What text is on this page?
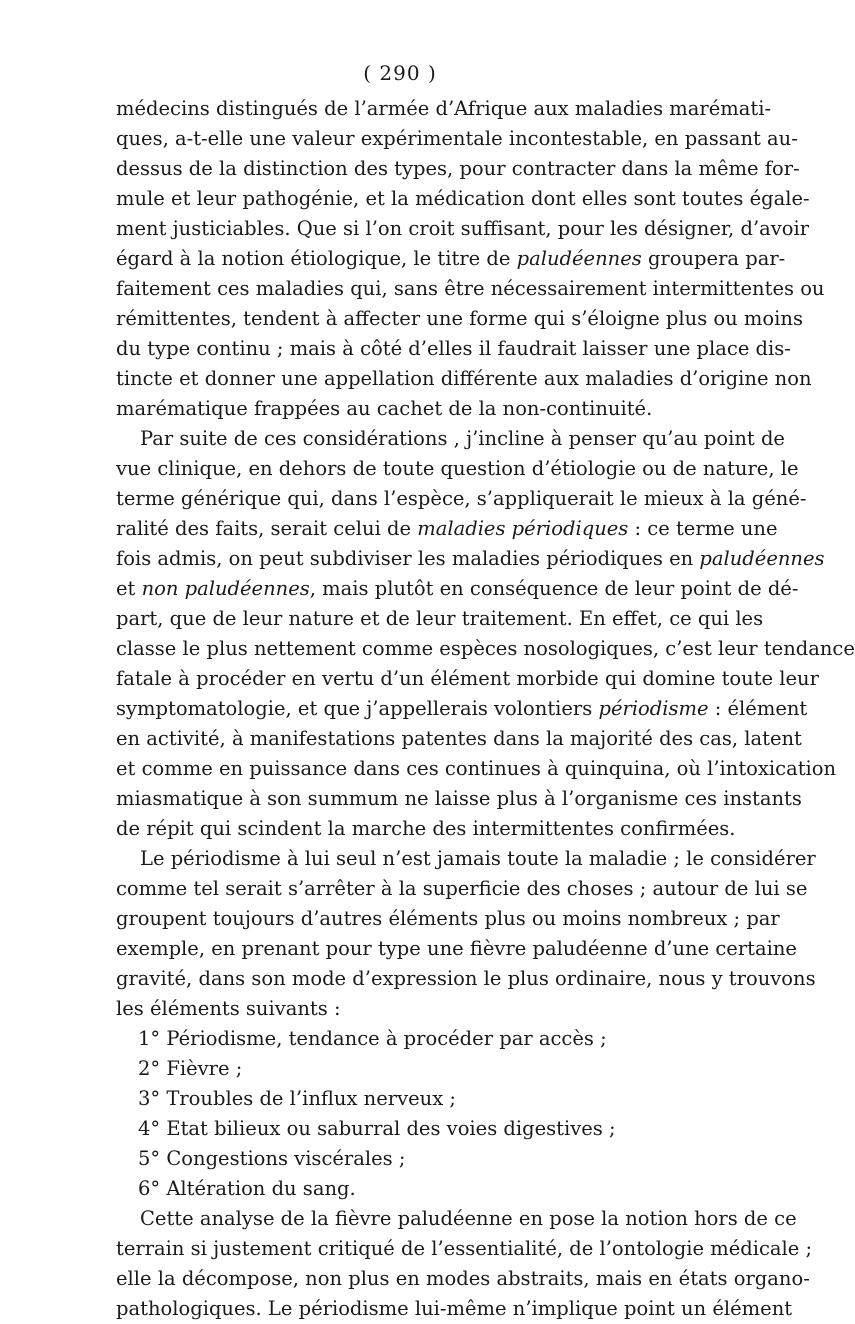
( 290 )
médecins distingués de l’armée d’Afrique aux maladies marémati-
ques, a-t-elle une valeur expérimentale incontestable, en passant au-
dessus de la distinction des types, pour contracter dans la même for-
mule et leur pathogénie, et la médication dont elles sont toutes égale-
ment justiciables. Que si l’on croit suffisant, pour les désigner, d’avoir
égard à la notion étiologique, le titre de paludéennes groupera par-
faitement ces maladies qui, sans être nécessairement intermittentes ou
rémittentes, tendent à affecter une forme qui s’éloigne plus ou moins
du type continu ; mais à côté d’elles il faudrait laisser une place dis-
tincte et donner une appellation différente aux maladies d’origine non
marématique frappées au cachet de la non-continuité.
Par suite de ces considérations , j’incline à penser qu’au point de
vue clinique, en dehors de toute question d’étiologie ou de nature, le
terme générique qui, dans l’espèce, s’appliquerait le mieux à la géné-
ralité des faits, serait celui de maladies périodiques : ce terme une
fois admis, on peut subdiviser les maladies périodiques en paludéennes
et non paludéennes, mais plutôt en conséquence de leur point de dé-
part, que de leur nature et de leur traitement. En effet, ce qui les
classe le plus nettement comme espèces nosologiques, c’est leur tendance
fatale à procéder en vertu d’un élément morbide qui domine toute leur
symptomatologie, et que j’appellerais volontiers périodisme : élément
en activité, à manifestations patentes dans la majorité des cas, latent
et comme en puissance dans ces continues à quinquina, où l’intoxication
miasmatique à son summum ne laisse plus à l’organisme ces instants
de répit qui scindent la marche des intermittentes confirmées.
Le périodisme à lui seul n’est jamais toute la maladie ; le considérer
comme tel serait s’arrêter à la superficie des choses ; autour de lui se
groupent toujours d’autres éléments plus ou moins nombreux ; par
exemple, en prenant pour type une fièvre paludéenne d’une certaine
gravité, dans son mode d’expression le plus ordinaire, nous y trouvons
les éléments suivants :
1° Périodisme, tendance à procéder par accès ;
2° Fièvre ;
3° Troubles de l’influx nerveux ;
4° Etat bilieux ou saburral des voies digestives ;
5° Congestions viscérales ;
6° Altération du sang.
Cette analyse de la fièvre paludéenne en pose la notion hors de ce
terrain si justement critiqué de l’essentialité, de l’ontologie médicale ;
elle la décompose, non plus en modes abstraits, mais en états organo-
pathologiques. Le périodisme lui-même n’implique point un élément
